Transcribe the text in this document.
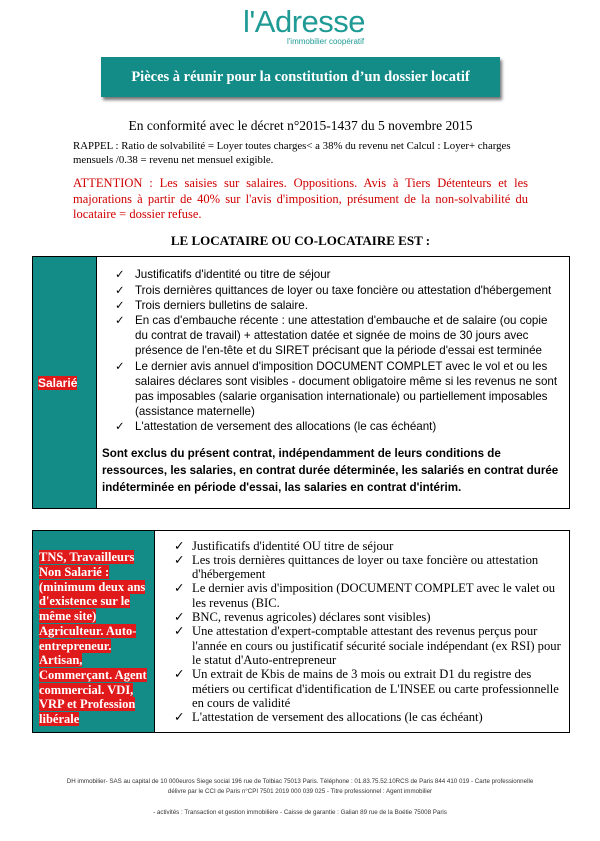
l'Adresse
l'immobilier coopératif
Pièces à réunir pour la constitution d’un dossier locatif

En conformité avec le décret n°2015-1437 du 5 novembre 2015

RAPPEL : Ratio de solvabilité = Loyer toutes charges< a 38% du revenu net Calcul : Loyer+ charges mensuels /0.38 = revenu net mensuel exigible.

ATTENTION : Les saisies sur salaires. Oppositions. Avis à Tiers Détenteurs et les majorations à partir de 40% sur l'avis d'imposition, présument de la non-solvabilité du locataire = dossier refuse.

LE LOCATAIRE OU CO-LOCATAIRE EST :
Salarié	
✓ Justificatifs d'identité ou titre de séjour
✓ Trois dernières quittances de loyer ou taxe foncière ou attestation d'hébergement
✓ Trois derniers bulletins de salaire.
✓ En cas d'embauche récente : une attestation d'embauche et de salaire (ou copie du contrat de travail) + attestation datée et signée de moins de 30 jours avec présence de l'en-tête et du SIRET précisant que la période d'essai est terminée
✓ Le dernier avis annuel d'imposition DOCUMENT COMPLET avec le vol et ou les salaires déclares sont visibles - document obligatoire même si les revenus ne sont pas imposables (salarie organisation internationale) ou partiellement imposables (assistance maternelle)
✓ L'attestation de versement des allocations (le cas échéant)
Sont exclus du présent contrat, indépendamment de leurs conditions de ressources, les salaries, en contrat durée déterminée, les salariés en contrat durée indéterminée en période d'essai, las salaries en contrat d'intérim.
TNS, Travailleurs Non Salarié : (minimum deux ans d'existence sur le même site) Agriculteur. Auto-entrepreneur. Artisan, Commerçant. Agent commercial. VDI, VRP et Profession libérale

✓ Justificatifs d'identité OU titre de séjour
✓ Les trois dernières quittances de loyer ou taxe foncière ou attestation d'hébergement
✓ Le dernier avis d'imposition (DOCUMENT COMPLET avec le valet ou les revenus (BIC.
✓ BNC, revenus agricoles) déclares sont visibles)
✓ Une attestation d'expert-comptable attestant des revenus perçus pour l'année en cours ou justificatif sécurité sociale indépendant (ex RSI) pour le statut d'Auto-entrepreneur
✓ Un extrait de Kbis de mains de 3 mois ou extrait D1 du registre des métiers ou certificat d'identification de L'INSEE ou carte professionnelle en cours de validité
✓ L'attestation de versement des allocations (le cas échéant)

DH immobilier- SAS au capital de 10 000euros Siege social 196 rue de Tolbiac 75013 Paris. Téléphone : 01.83.75.52.10RCS de Paris 844 410 019 - Carte professionnelle

délivre par le CCI de Paris n°CPI 7501 2019 000 039 025 - Titre professionnel : Agent immobilier

- activités : Transaction et gestion immobilière - Caisse de garantie : Galian 89 rue de la Boétie 75008 Paris
